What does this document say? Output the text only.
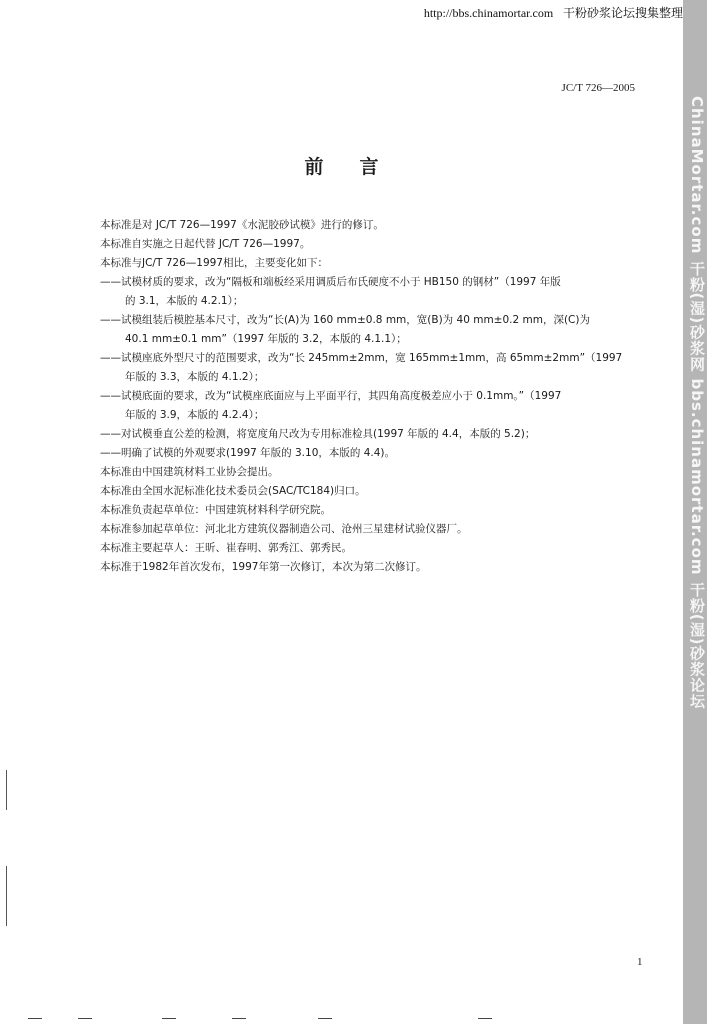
http://bbs.chinamortar.com 干粉砂浆论坛搜集整理
ChinaMortar.com 干粉(湿)砂浆网 bbs.chinamortar.com 干粉(湿)砂浆论坛
JC/T 726—2005
前言

本标准是对 JC/T 726—1997《水泥胶砂试模》进行的修订。

本标准自实施之日起代替 JC/T 726—1997。

本标准与JC/T 726—1997相比，主要变化如下：

——试模材质的要求，改为“隔板和端板经采用调质后布氏硬度不小于 HB150 的钢材”（1997 年版
的 3.1，本版的 4.2.1）；
——试模组装后模腔基本尺寸，改为“长(A)为 160 mm±0.8 mm，宽(B)为 40 mm±0.2 mm，深(C)为
40.1 mm±0.1 mm”（1997 年版的 3.2，本版的 4.1.1）；
——试模座底外型尺寸的范围要求，改为“长 245mm±2mm，宽 165mm±1mm，高 65mm±2mm”（1997
年版的 3.3，本版的 4.1.2）；
——试模底面的要求，改为“试模座底面应与上平面平行，其四角高度极差应小于 0.1mm。”（1997
年版的 3.9，本版的 4.2.4）；
——对试模垂直公差的检测，将宽度角尺改为专用标准检具(1997 年版的 4.4，本版的 5.2)；
——明确了试模的外观要求(1997 年版的 3.10，本版的 4.4)。

本标准由中国建筑材料工业协会提出。

本标准由全国水泥标准化技术委员会(SAC/TC184)归口。

本标准负责起草单位：中国建筑材料科学研究院。

本标准参加起草单位：河北北方建筑仪器制造公司、沧州三星建材试验仪器厂。

本标准主要起草人：王昕、崔春明、郭秀江、郭秀民。

本标准于1982年首次发布，1997年第一次修订，本次为第二次修订。

1
